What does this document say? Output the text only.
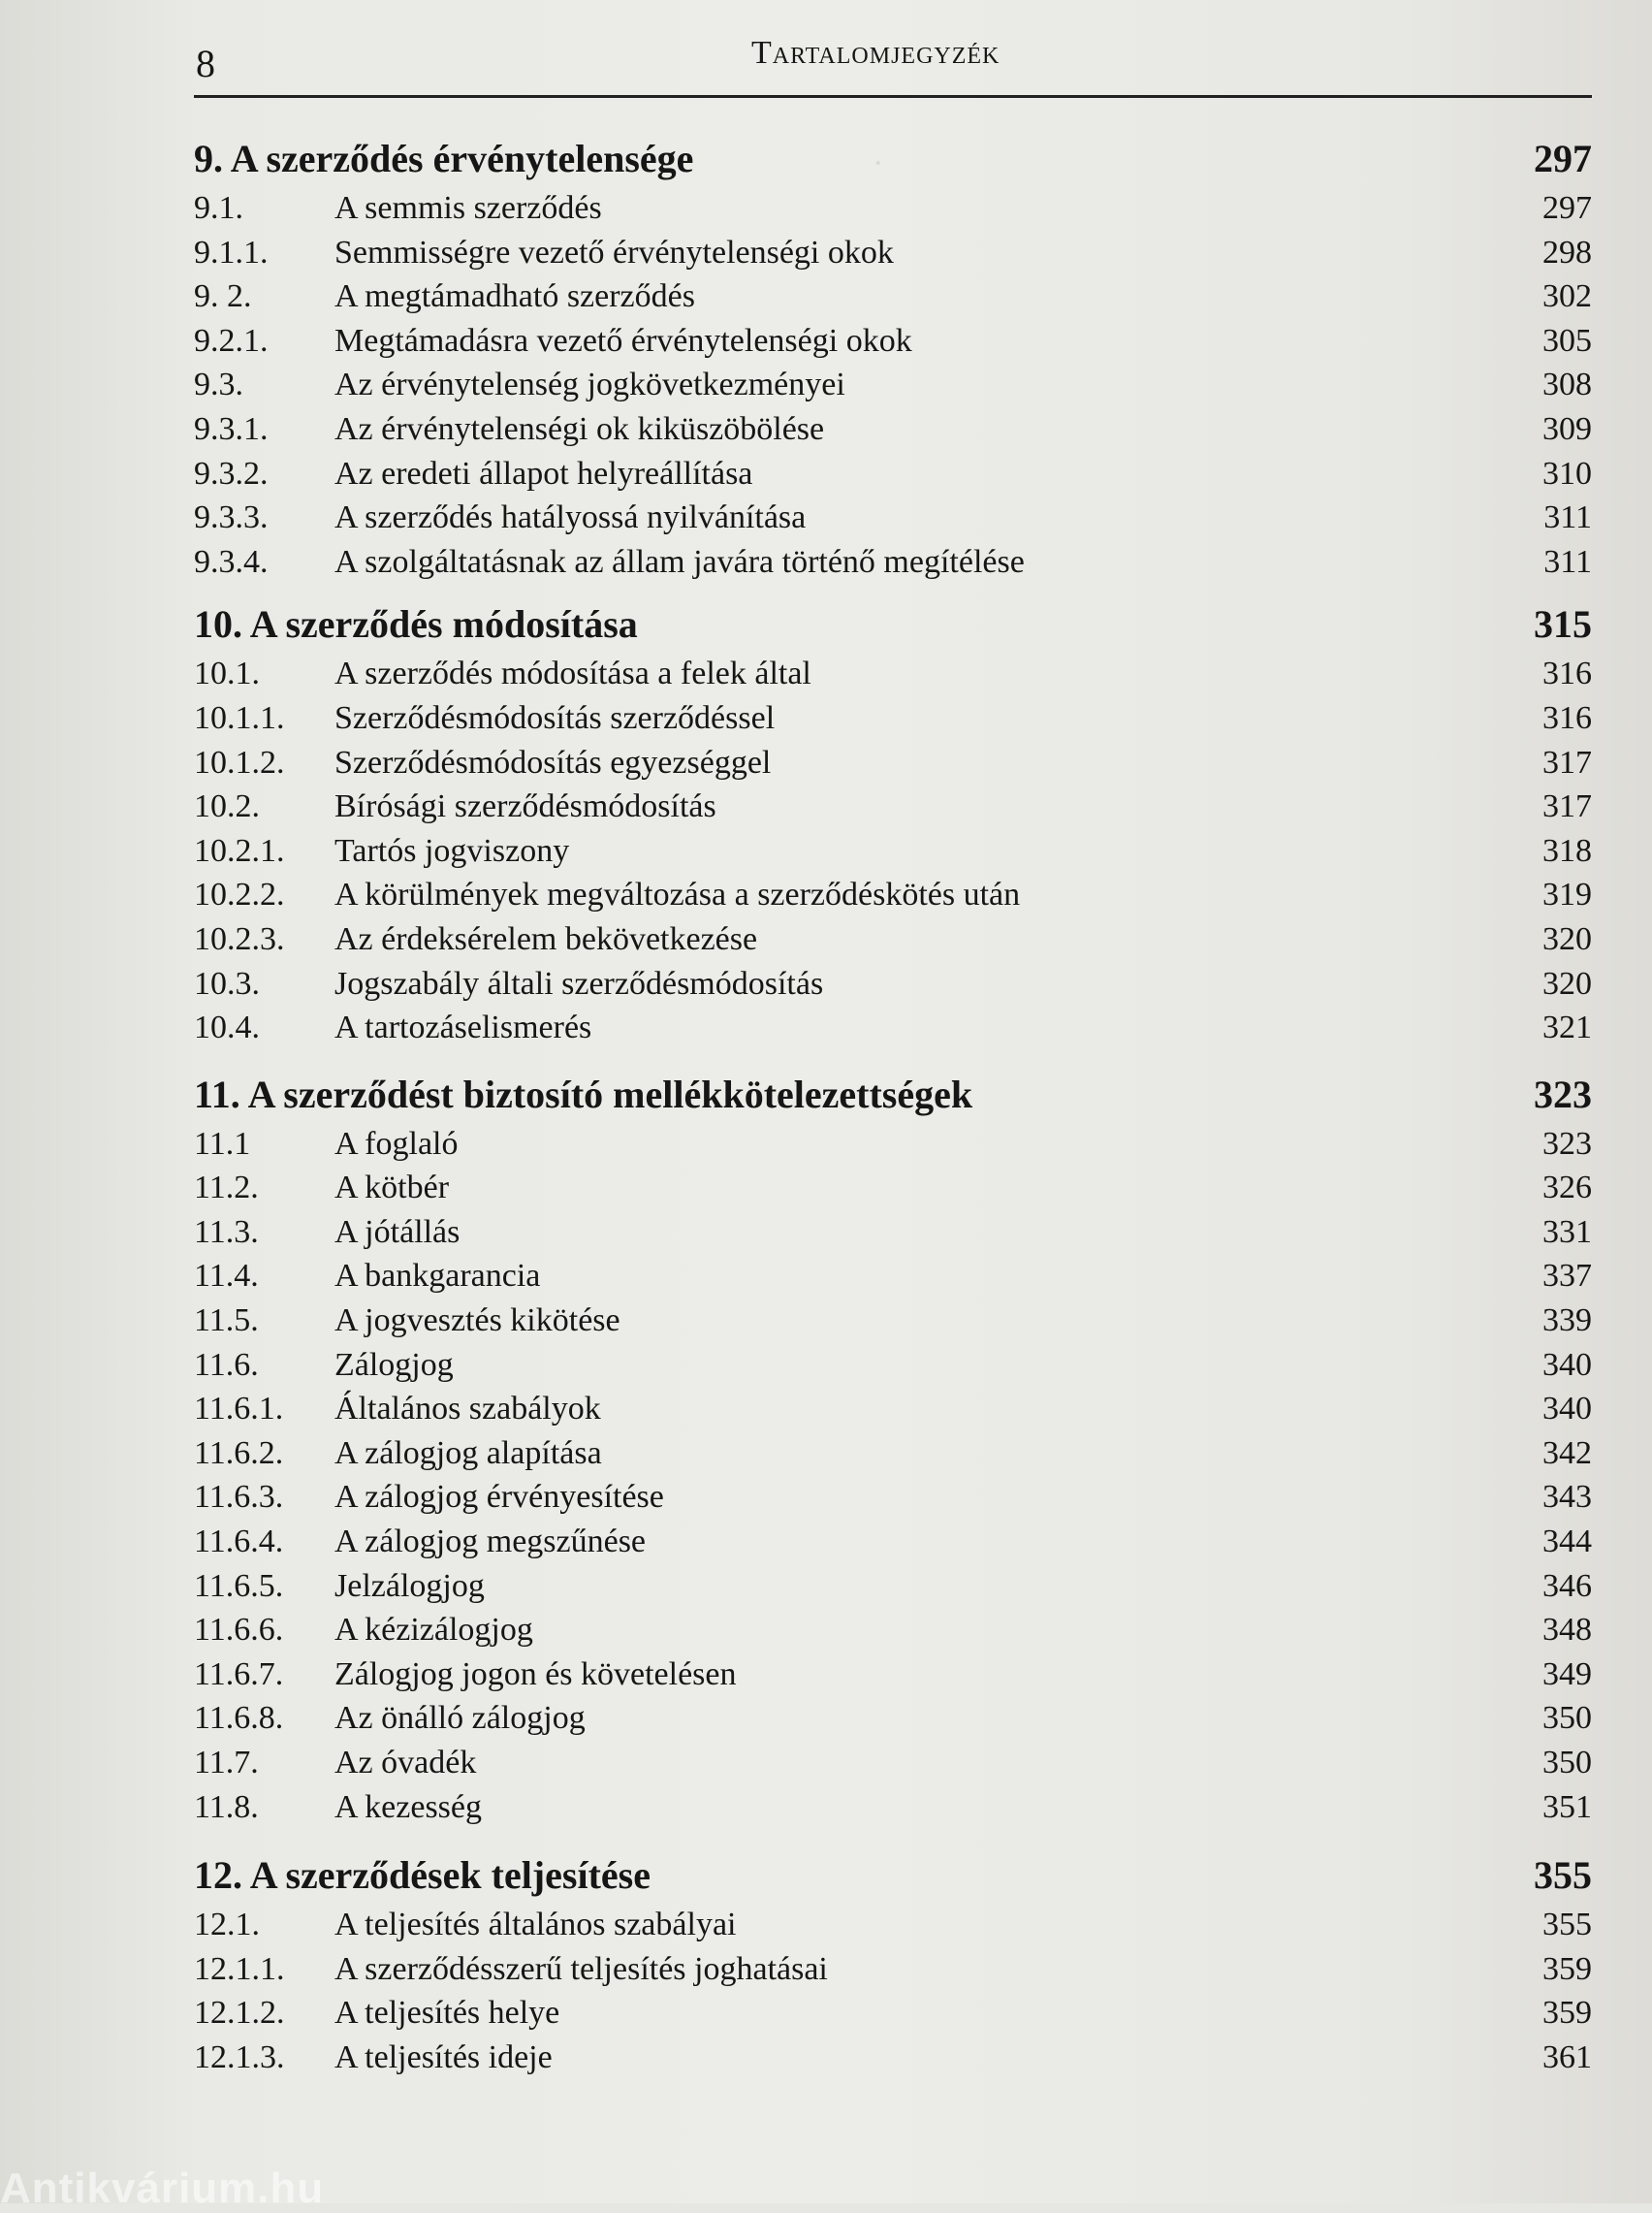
·
8	Tartalomjegyzék
9. A szerződés érvénytelensége	297
9.1.	A semmis szerződés	297
9.1.1.	Semmisségre vezető érvénytelenségi okok	298
9. 2.	A megtámadható szerződés	302
9.2.1.	Megtámadásra vezető érvénytelenségi okok	305
9.3.	Az érvénytelenség jogkövetkezményei	308
9.3.1.	Az érvénytelenségi ok kiküszöbölése	309
9.3.2.	Az eredeti állapot helyreállítása	310
9.3.3.	A szerződés hatályossá nyilvánítása	311
9.3.4.	A szolgáltatásnak az állam javára történő megítélése	311
10. A szerződés módosítása	315
10.1.	A szerződés módosítása a felek által	316
10.1.1.	Szerződésmódosítás szerződéssel	316
10.1.2.	Szerződésmódosítás egyezséggel	317
10.2.	Bírósági szerződésmódosítás	317
10.2.1.	Tartós jogviszony	318
10.2.2.	A körülmények megváltozása a szerződéskötés után	319
10.2.3.	Az érdeksérelem bekövetkezése	320
10.3.	Jogszabály általi szerződésmódosítás	320
10.4.	A tartozáselismerés	321
11. A szerződést biztosító mellékkötelezettségek	323
11.1	A foglaló	323
11.2.	A kötbér	326
11.3.	A jótállás	331
11.4.	A bankgarancia	337
11.5.	A jogvesztés kikötése	339
11.6.	Zálogjog	340
11.6.1.	Általános szabályok	340
11.6.2.	A zálogjog alapítása	342
11.6.3.	A zálogjog érvényesítése	343
11.6.4.	A zálogjog megszűnése	344
11.6.5.	Jelzálogjog	346
11.6.6.	A kézizálogjog	348
11.6.7.	Zálogjog jogon és követelésen	349
11.6.8.	Az önálló zálogjog	350
11.7.	Az óvadék	350
11.8.	A kezesség	351
12. A szerződések teljesítése	355
12.1.	A teljesítés általános szabályai	355
12.1.1.	A szerződésszerű teljesítés joghatásai	359
12.1.2.	A teljesítés helye	359
12.1.3.	A teljesítés ideje	361
Antikvárium.hu
